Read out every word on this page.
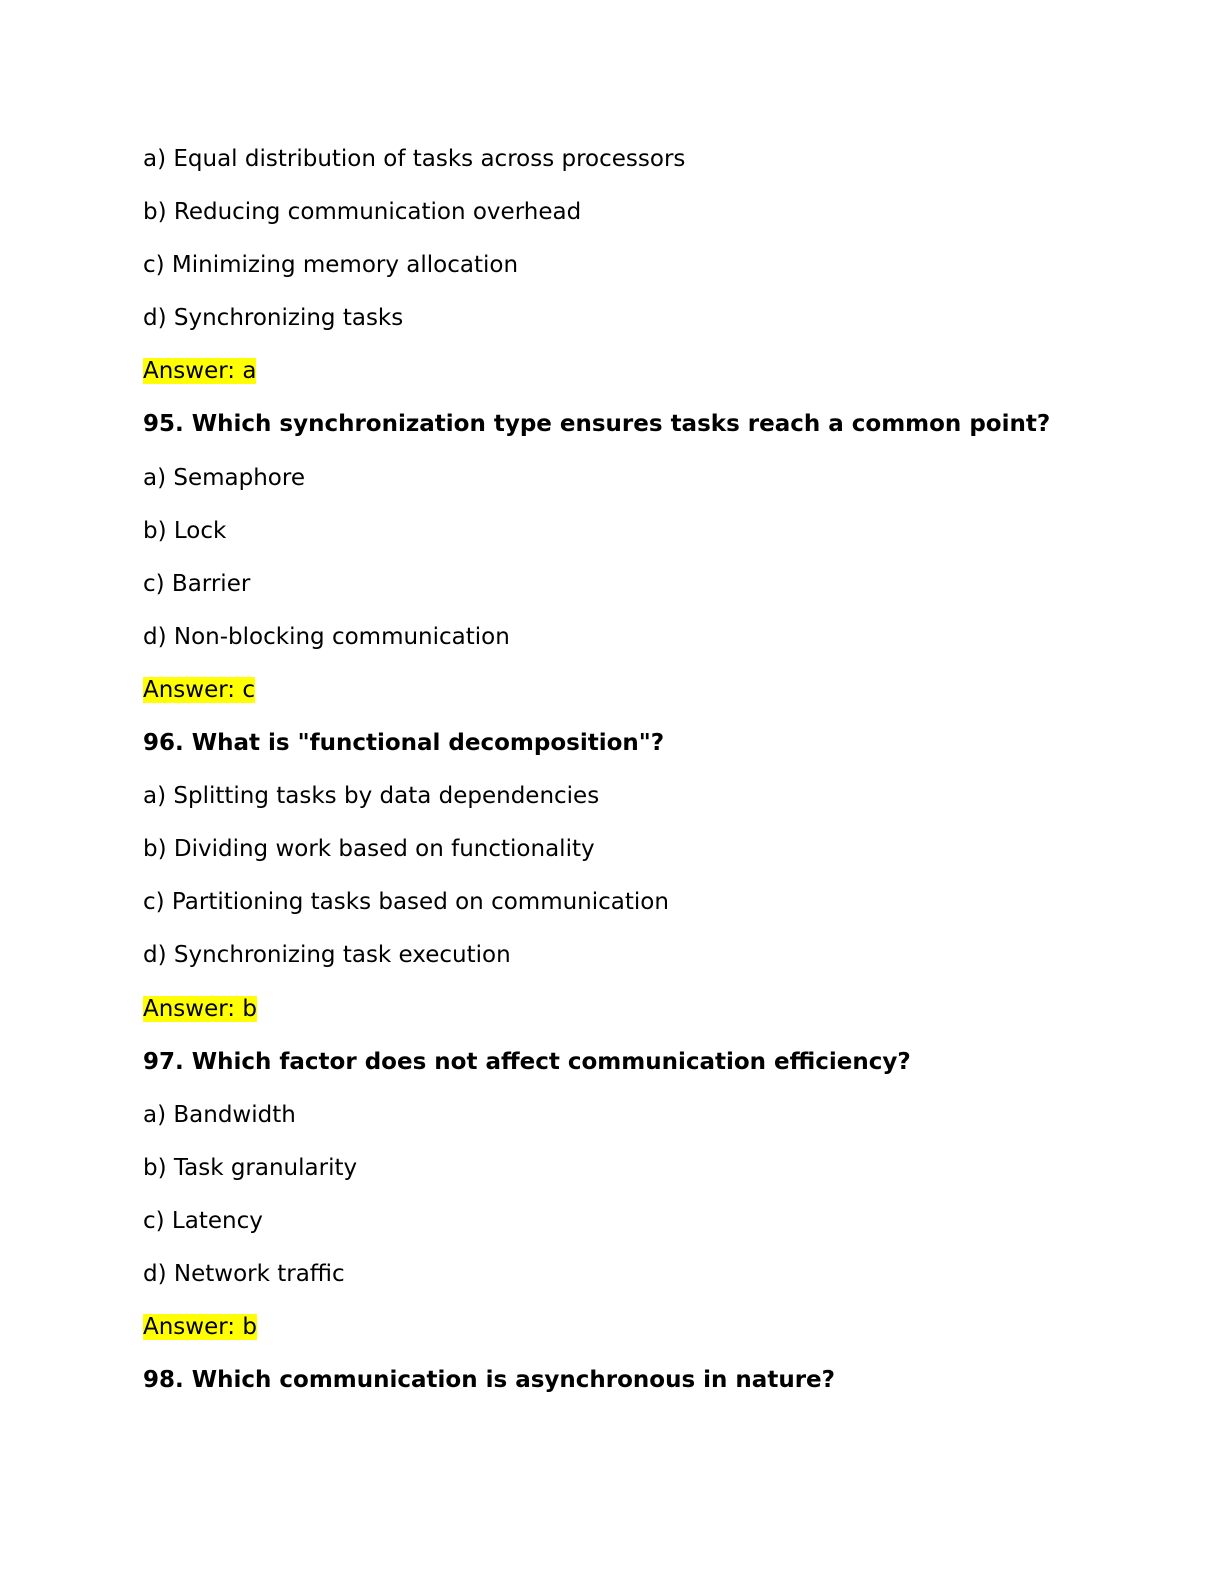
a) Equal distribution of tasks across processors
b) Reducing communication overhead
c) Minimizing memory allocation
d) Synchronizing tasks
Answer: a
95. Which synchronization type ensures tasks reach a common point?
a) Semaphore
b) Lock
c) Barrier
d) Non-blocking communication
Answer: c
96. What is "functional decomposition"?
a) Splitting tasks by data dependencies
b) Dividing work based on functionality
c) Partitioning tasks based on communication
d) Synchronizing task execution
Answer: b
97. Which factor does not affect communication efficiency?
a) Bandwidth
b) Task granularity
c) Latency
d) Network traffic
Answer: b
98. Which communication is asynchronous in nature?
